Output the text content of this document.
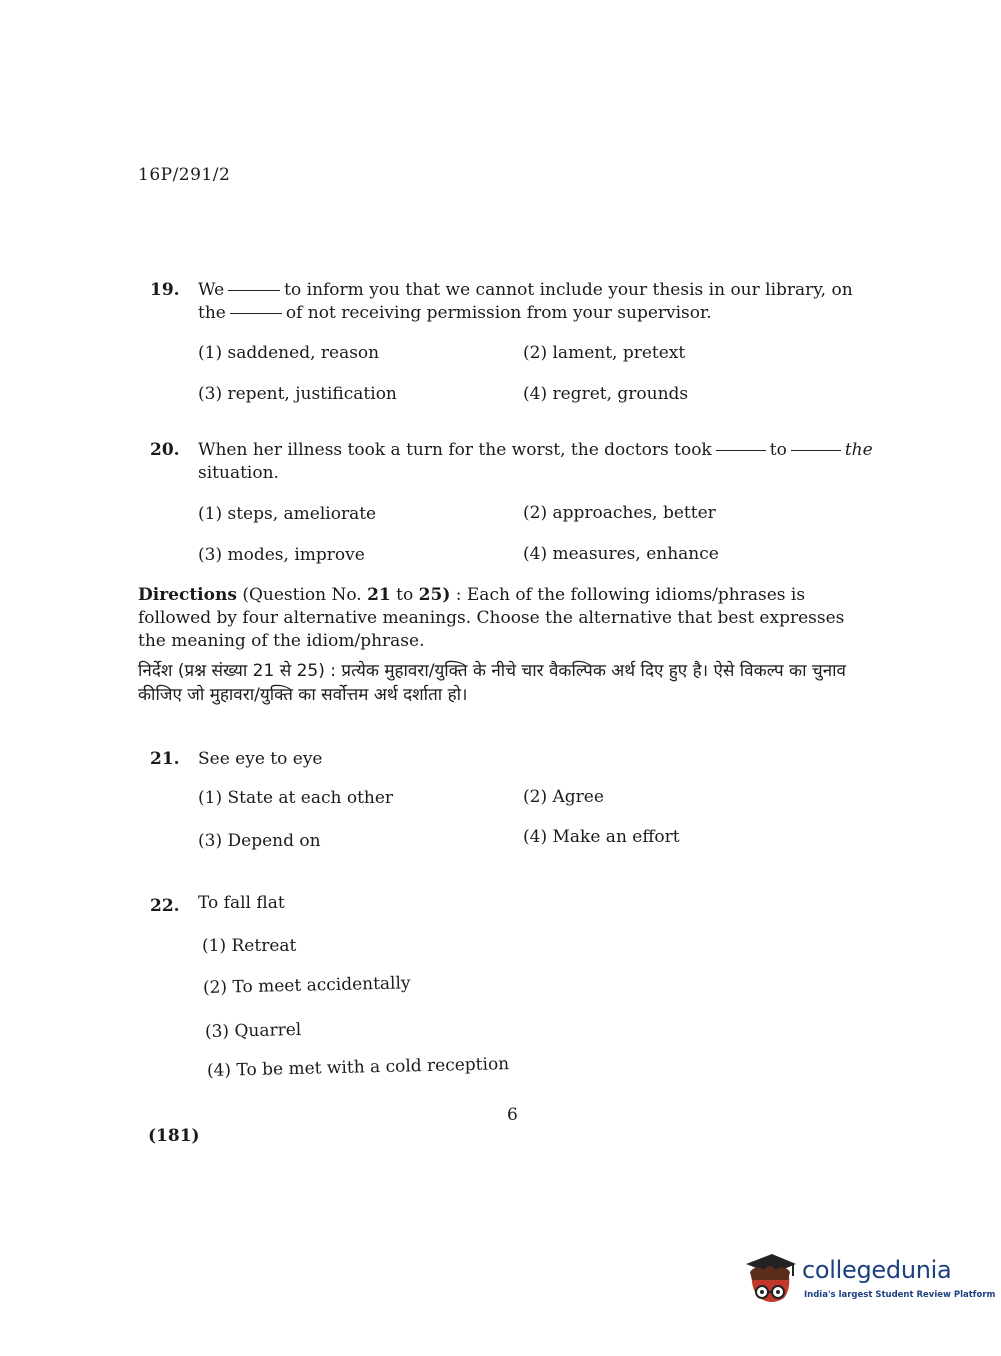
16P/291/2
19. We	to inform you that we cannot include your thesis in our library, on
the	of not receiving permission from your supervisor.
(1) saddened, reason	(2) lament, pretext
(3) repent, justification	(4) regret, grounds
20. When her illness took a turn for the worst, the doctors took	to	the
situation.
(1) steps, ameliorate	(2) approaches, better
(3) modes, improve	(4) measures, enhance
Directions (Question No. 21 to 25) : Each of the following idioms/phrases is followed by four alternative meanings. Choose the alternative that best expresses the meaning of the idiom/phrase.
निर्देश (प्रश्न संख्या 21 से 25) : प्रत्येक मुहावरा/युक्ति के नीचे चार वैकल्पिक अर्थ दिए हुए है। ऐसे विकल्प का चुनाव कीजिए जो मुहावरा/युक्ति का सर्वोत्तम अर्थ दर्शाता हो।
21. See eye to eye
(1) State at each other	(2) Agree
(3) Depend on	(4) Make an effort
22. To fall flat
(1) Retreat
(2) To meet accidentally
(3) Quarrel
(4) To be met with a cold reception
6
(181)
collegedunia
India's largest Student Review Platform
